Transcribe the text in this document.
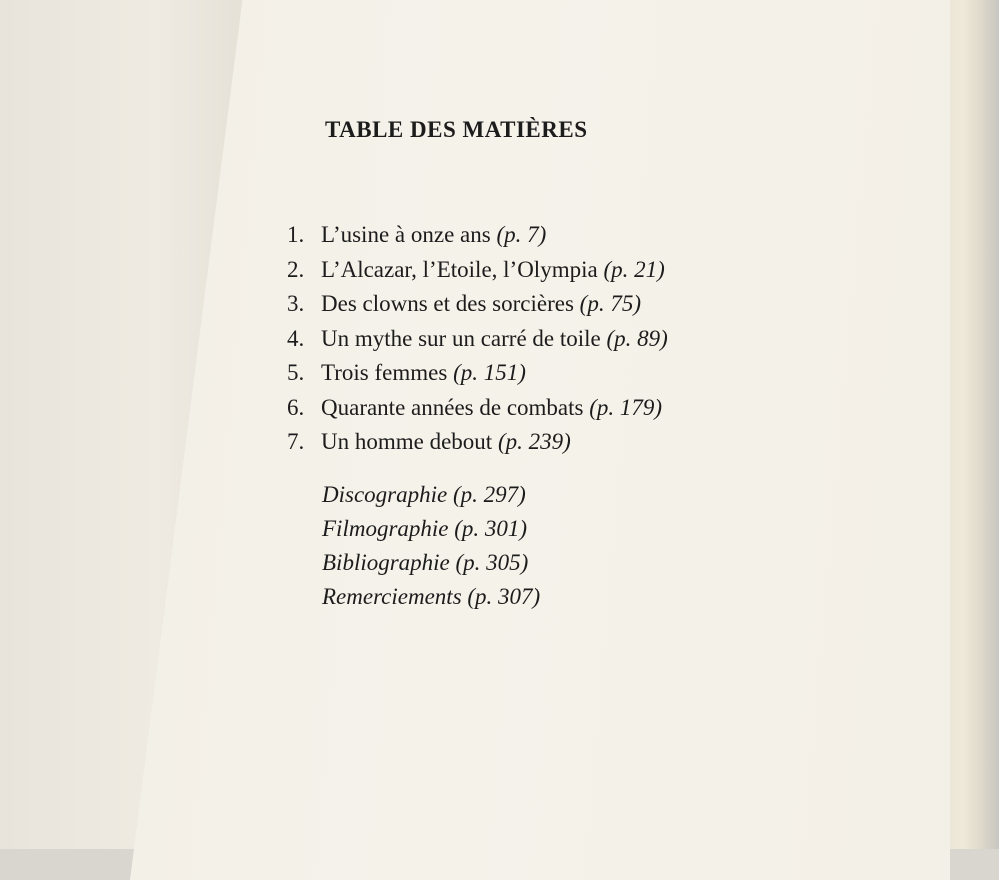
TABLE DES MATIÈRES
1. L’usine à onze ans (p. 7)
2. L’Alcazar, l’Etoile, l’Olympia (p. 21)
3. Des clowns et des sorcières (p. 75)
4. Un mythe sur un carré de toile (p. 89)
5. Trois femmes (p. 151)
6. Quarante années de combats (p. 179)
7. Un homme debout (p. 239)
Discographie (p. 297)
Filmographie (p. 301)
Bibliographie (p. 305)
Remerciements (p. 307)
